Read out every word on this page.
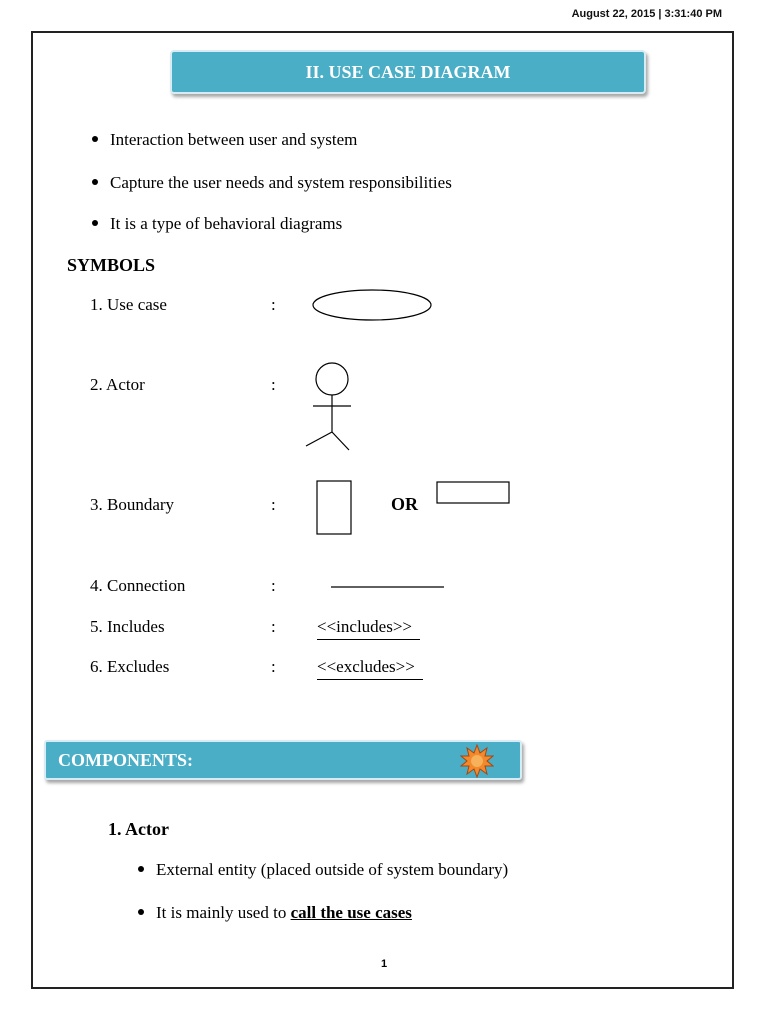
August 22, 2015 | 3:31:40 PM
II. USE CASE DIAGRAM
Interaction between user and system
Capture the user needs and system responsibilities
It is a type of behavioral diagrams
SYMBOLS
1. Use case	:
2. Actor	:
3. Boundary	:	OR
4. Connection	:
5. Includes	: <<includes>>
6. Excludes	: <<excludes>>
COMPONENTS:
1. Actor
External entity (placed outside of system boundary)
It is mainly used to call the use cases
1
